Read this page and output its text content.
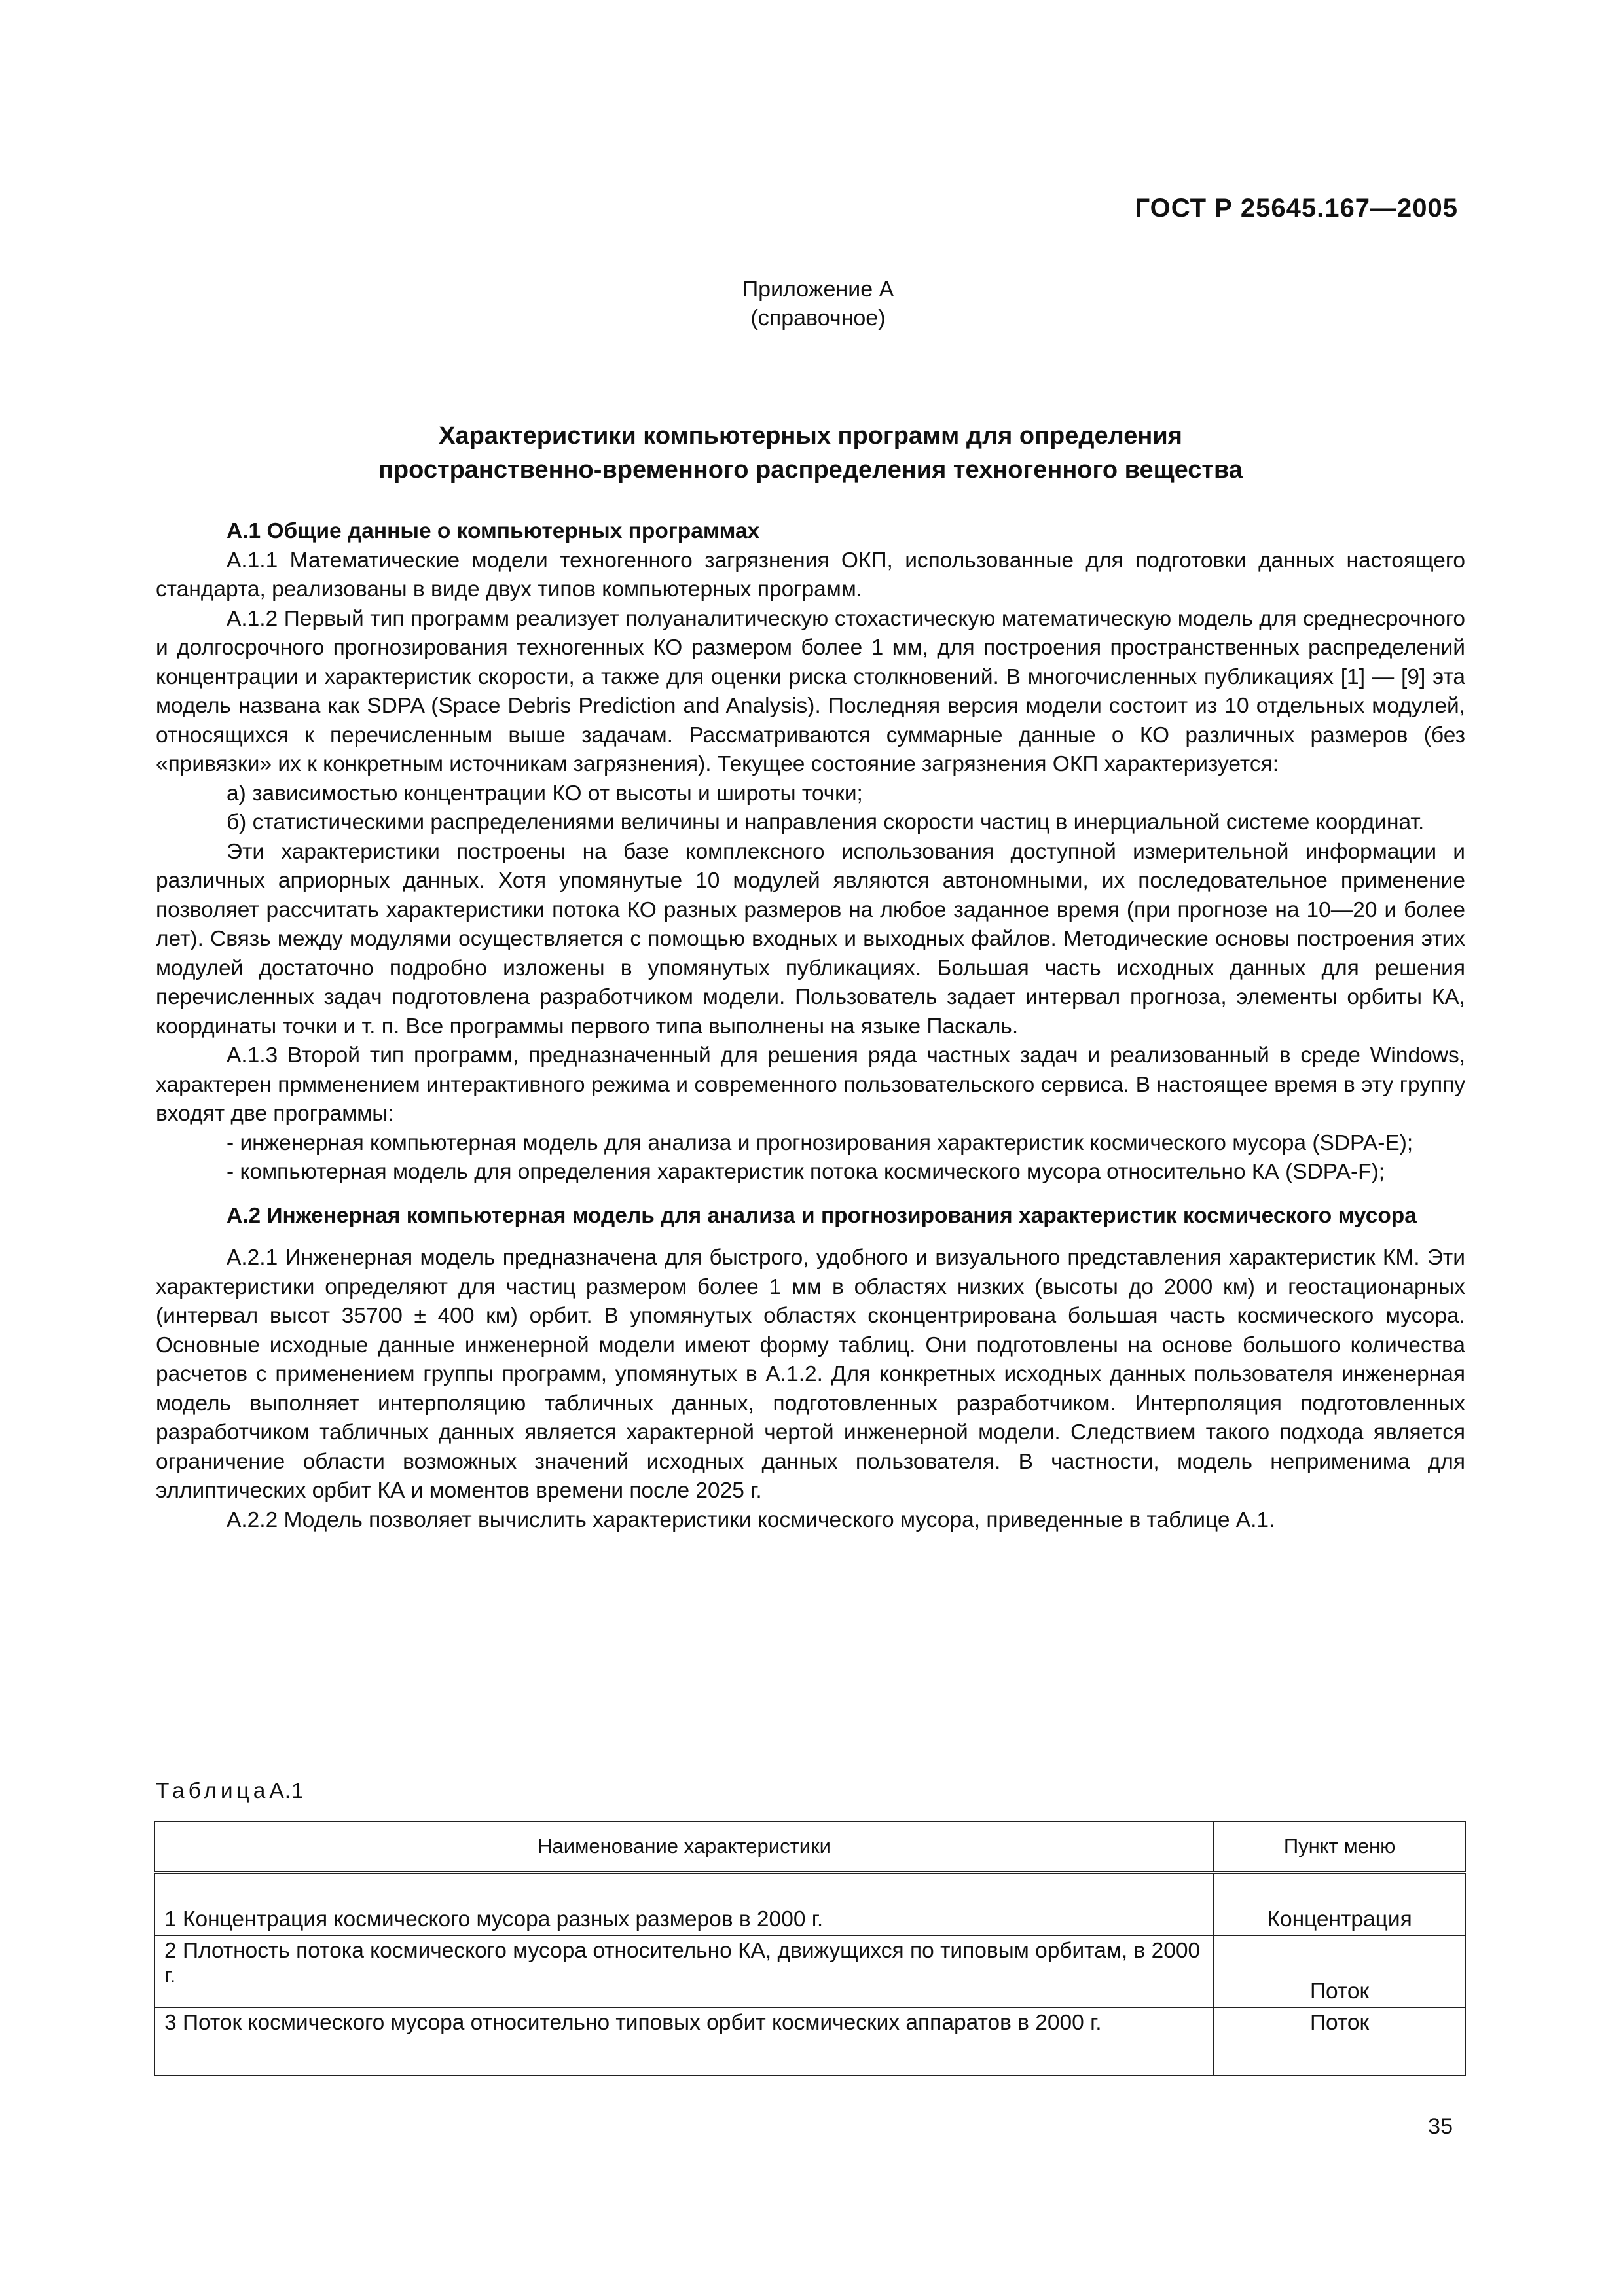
ГОСТ Р 25645.167—2005
Приложение А
(справочное)
Характеристики компьютерных программ для определения
пространственно-временного распределения техногенного вещества

А.1 Общие данные о компьютерных программах

А.1.1 Математические модели техногенного загрязнения ОКП, использованные для подготовки данных настоящего стандарта, реализованы в виде двух типов компьютерных программ.

А.1.2 Первый тип программ реализует полуаналитическую стохастическую математическую модель для среднесрочного и долгосрочного прогнозирования техногенных КО размером более 1 мм, для построения пространственных распределений концентрации и характеристик скорости, а также для оценки риска столкновений. В многочисленных публикациях [1] — [9] эта модель названа как SDPA (Space Debris Prediction and Analysis). Последняя версия модели состоит из 10 отдельных модулей, относящихся к перечисленным выше задачам. Рассматриваются суммарные данные о КО различных размеров (без «привязки» их к конкретным источникам загрязнения). Текущее состояние загрязнения ОКП характеризуется:

а) зависимостью концентрации КО от высоты и широты точки;

б) статистическими распределениями величины и направления скорости частиц в инерциальной системе координат.

Эти характеристики построены на базе комплексного использования доступной измерительной информации и различных априорных данных. Хотя упомянутые 10 модулей являются автономными, их последовательное применение позволяет рассчитать характеристики потока КО разных размеров на любое заданное время (при прогнозе на 10—20 и более лет). Связь между модулями осуществляется с помощью входных и выходных файлов. Методические основы построения этих модулей достаточно подробно изложены в упомянутых публикациях. Большая часть исходных данных для решения перечисленных задач подготовлена разработчиком модели. Пользователь задает интервал прогноза, элементы орбиты КА, координаты точки и т. п. Все программы первого типа выполнены на языке Паскаль.

А.1.3 Второй тип программ, предназначенный для решения ряда частных задач и реализованный в среде Windows, характерен прмменением интерактивного режима и современного пользовательского сервиса. В настоящее время в эту группу входят две программы:

- инженерная компьютерная модель для анализа и прогнозирования характеристик космического мусора (SDPA-E);

- компьютерная модель для определения характеристик потока космического мусора относительно КА (SDPA-F);

А.2 Инженерная компьютерная модель для анализа и прогнозирования характеристик космического мусора

А.2.1 Инженерная модель предназначена для быстрого, удобного и визуального представления характеристик КМ. Эти характеристики определяют для частиц размером более 1 мм в областях низких (высоты до 2000 км) и геостационарных (интервал высот 35700 ± 400 км) орбит. В упомянутых областях сконцентрирована большая часть космического мусора. Основные исходные данные инженерной модели имеют форму таблиц. Они подготовлены на основе большого количества расчетов с применением группы программ, упомянутых в А.1.2. Для конкретных исходных данных пользователя инженерная модель выполняет интерполяцию табличных данных, подготовленных разработчиком. Интерполяция подготовленных разработчиком табличных данных является характерной чертой инженерной модели. Следствием такого подхода является ограничение области возможных значений исходных данных пользователя. В частности, модель неприменима для эллиптических орбит КА и моментов времени после 2025 г.

А.2.2 Модель позволяет вычислить характеристики космического мусора, приведенные в таблице А.1.

ТаблицаА.1
Наименование характеристики	Пункт меню
1 Концентрация космического мусора разных размеров в 2000 г.	Концентрация
2 Плотность потока космического мусора относительно КА, движущихся по типовым орбитам, в 2000 г.	Поток
3 Поток космического мусора относительно типовых орбит космических аппаратов в 2000 г.	Поток
35
